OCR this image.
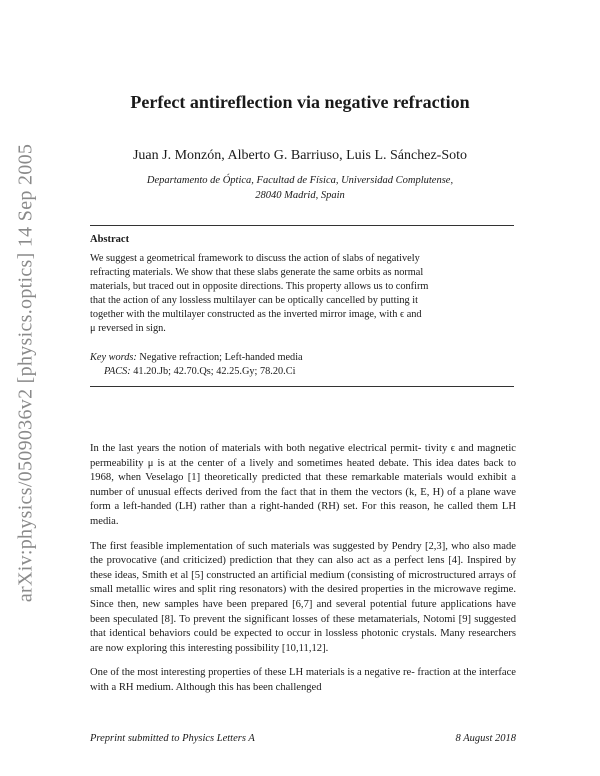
arXiv:physics/0509036v2 [physics.optics] 14 Sep 2005
Perfect antireflection via negative refraction
Juan J. Monzón, Alberto G. Barriuso, Luis L. Sánchez-Soto
Departamento de Óptica, Facultad de Física, Universidad Complutense,
28040 Madrid, Spain
Abstract
We suggest a geometrical framework to discuss the action of slabs of negatively
refracting materials. We show that these slabs generate the same orbits as normal
materials, but traced out in opposite directions. This property allows us to confirm
that the action of any lossless multilayer can be optically cancelled by putting it
together with the multilayer constructed as the inverted mirror image, with ϵ and
μ reversed in sign.
Key words: Negative refraction; Left-handed media
PACS: 41.20.Jb; 42.70.Qs; 42.25.Gy; 78.20.Ci

In the last years the notion of materials with both negative electrical permit- tivity ϵ and magnetic permeability μ is at the center of a lively and sometimes heated debate. This idea dates back to 1968, when Veselago [1] theoretically predicted that these remarkable materials would exhibit a number of unusual effects derived from the fact that in them the vectors (k, E, H) of a plane wave form a left-handed (LH) rather than a right-handed (RH) set. For this reason, he called them LH media.

The first feasible implementation of such materials was suggested by Pendry [2,3], who also made the provocative (and criticized) prediction that they can also act as a perfect lens [4]. Inspired by these ideas, Smith et al [5] constructed an artificial medium (consisting of microstructured arrays of small metallic wires and split ring resonators) with the desired properties in the microwave regime. Since then, new samples have been prepared [6,7] and several potential future applications have been speculated [8]. To prevent the significant losses of these metamaterials, Notomi [9] suggested that identical behaviors could be expected to occur in lossless photonic crystals. Many researchers are now exploring this interesting possibility [10,11,12].

One of the most interesting properties of these LH materials is a negative re- fraction at the interface with a RH medium. Although this has been challenged

Preprint submitted to Physics Letters A	8 August 2018
